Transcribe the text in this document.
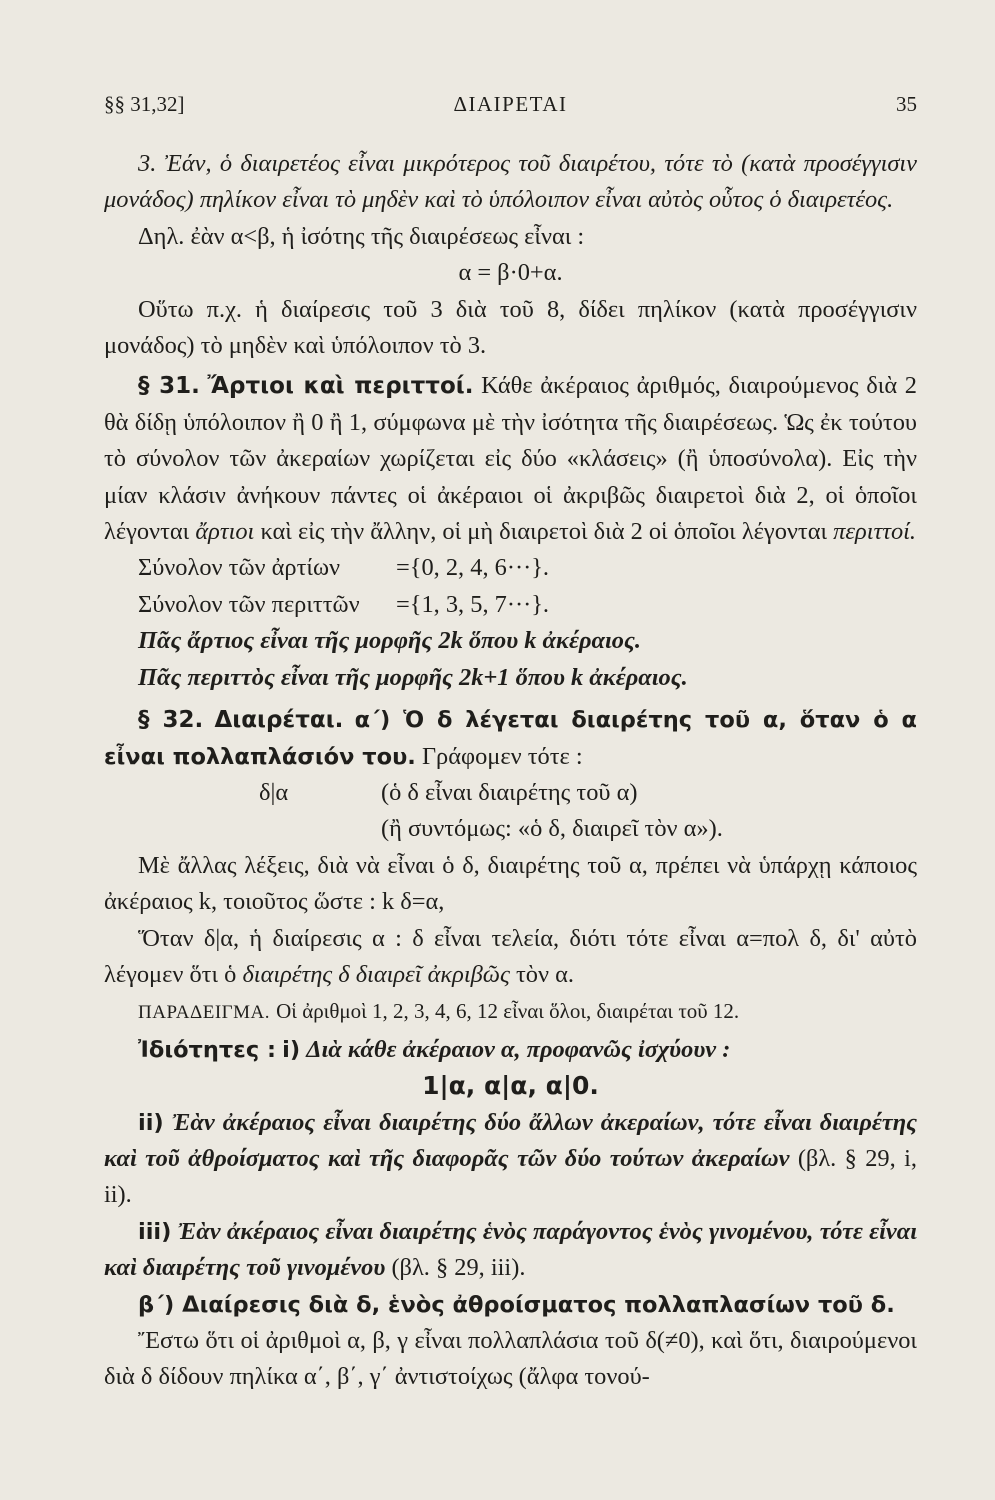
§§ 31,32]	ΔΙΑΙΡΕΤΑΙ	35

3. Ἐάν, ὁ διαιρετέος εἶναι μικρότερος τοῦ διαιρέτου, τότε τὸ (κατὰ προσέγγισιν μονάδος) πηλίκον εἶναι τὸ μηδὲν καὶ τὸ ὑπόλοιπον εἶναι αὐτὸς οὗτος ὁ διαιρετέος.

Δηλ. ἐὰν α<β, ἡ ἰσότης τῆς διαιρέσεως εἶναι :

α = β·0+α.

Οὕτω π.χ. ἡ διαίρεσις τοῦ 3 διὰ τοῦ 8, δίδει πηλίκον (κατὰ προσέγγισιν μονάδος) τὸ μηδὲν καὶ ὑπόλοιπον τὸ 3.

§ 31. Ἄρτιοι καὶ περιττοί. Κάθε ἀκέραιος ἀριθμός, διαιρούμενος διὰ 2 θὰ δίδῃ ὑπόλοιπον ἢ 0 ἢ 1, σύμφωνα μὲ τὴν ἰσότητα τῆς διαιρέσεως. Ὡς ἐκ τούτου τὸ σύνολον τῶν ἀκεραίων χωρίζεται εἰς δύο «κλάσεις» (ἢ ὑποσύνολα). Εἰς τὴν μίαν κλάσιν ἀνήκουν πάντες οἱ ἀκέραιοι οἱ ἀκριβῶς διαιρετοὶ διὰ 2, οἱ ὁποῖοι λέγονται ἄρτιοι καὶ εἰς τὴν ἄλλην, οἱ μὴ διαιρετοὶ διὰ 2 οἱ ὁποῖοι λέγονται περιττοί.

Σύνολον τῶν ἀρτίων	={0, 2, 4, 6···}.
Σύνολον τῶν περιττῶν	={1, 3, 5, 7···}.

Πᾶς ἄρτιος εἶναι τῆς μορφῆς 2k ὅπου k ἀκέραιος.

Πᾶς περιττὸς εἶναι τῆς μορφῆς 2k+1 ὅπου k ἀκέραιος.

§ 32. Διαιρέται. α΄) Ὁ δ λέγεται διαιρέτης τοῦ α, ὅταν ὁ α εἶναι πολλαπλάσιόν του. Γράφομεν τότε :

δ|α	(ὁ δ εἶναι διαιρέτης τοῦ α)
(ἢ συντόμως: «ὁ δ, διαιρεῖ τὸν α»).

Μὲ ἄλλας λέξεις, διὰ νὰ εἶναι ὁ δ, διαιρέτης τοῦ α, πρέπει νὰ ὑπάρχῃ κάποιος ἀκέραιος k, τοιοῦτος ὥστε : k δ=α,

Ὅταν δ|α, ἡ διαίρεσις α : δ εἶναι τελεία, διότι τότε εἶναι α=πολ δ, δι' αὐτὸ λέγομεν ὅτι ὁ διαιρέτης δ διαιρεῖ ἀκριβῶς τὸν α.

ΠΑΡΑΔΕΙΓΜΑ. Οἱ ἀριθμοὶ 1, 2, 3, 4, 6, 12 εἶναι ὅλοι, διαιρέται τοῦ 12.

Ἰδιότητες : i) Διὰ κάθε ἀκέραιον α, προφανῶς ἰσχύουν :

1|α, α|α, α|0.

ii) Ἐὰν ἀκέραιος εἶναι διαιρέτης δύο ἄλλων ἀκεραίων, τότε εἶναι διαιρέτης καὶ τοῦ ἀθροίσματος καὶ τῆς διαφορᾶς τῶν δύο τούτων ἀκεραίων (βλ. § 29, i, ii).

iii) Ἐὰν ἀκέραιος εἶναι διαιρέτης ἑνὸς παράγοντος ἑνὸς γινομένου, τότε εἶναι καὶ διαιρέτης τοῦ γινομένου (βλ. § 29, iii).

β΄) Διαίρεσις διὰ δ, ἑνὸς ἀθροίσματος πολλαπλασίων τοῦ δ.

Ἔστω ὅτι οἱ ἀριθμοὶ α, β, γ εἶναι πολλαπλάσια τοῦ δ(≠0), καὶ ὅτι, διαιρούμενοι διὰ δ δίδουν πηλίκα α΄, β΄, γ΄ ἀντιστοίχως (ἄλφα τονού-
